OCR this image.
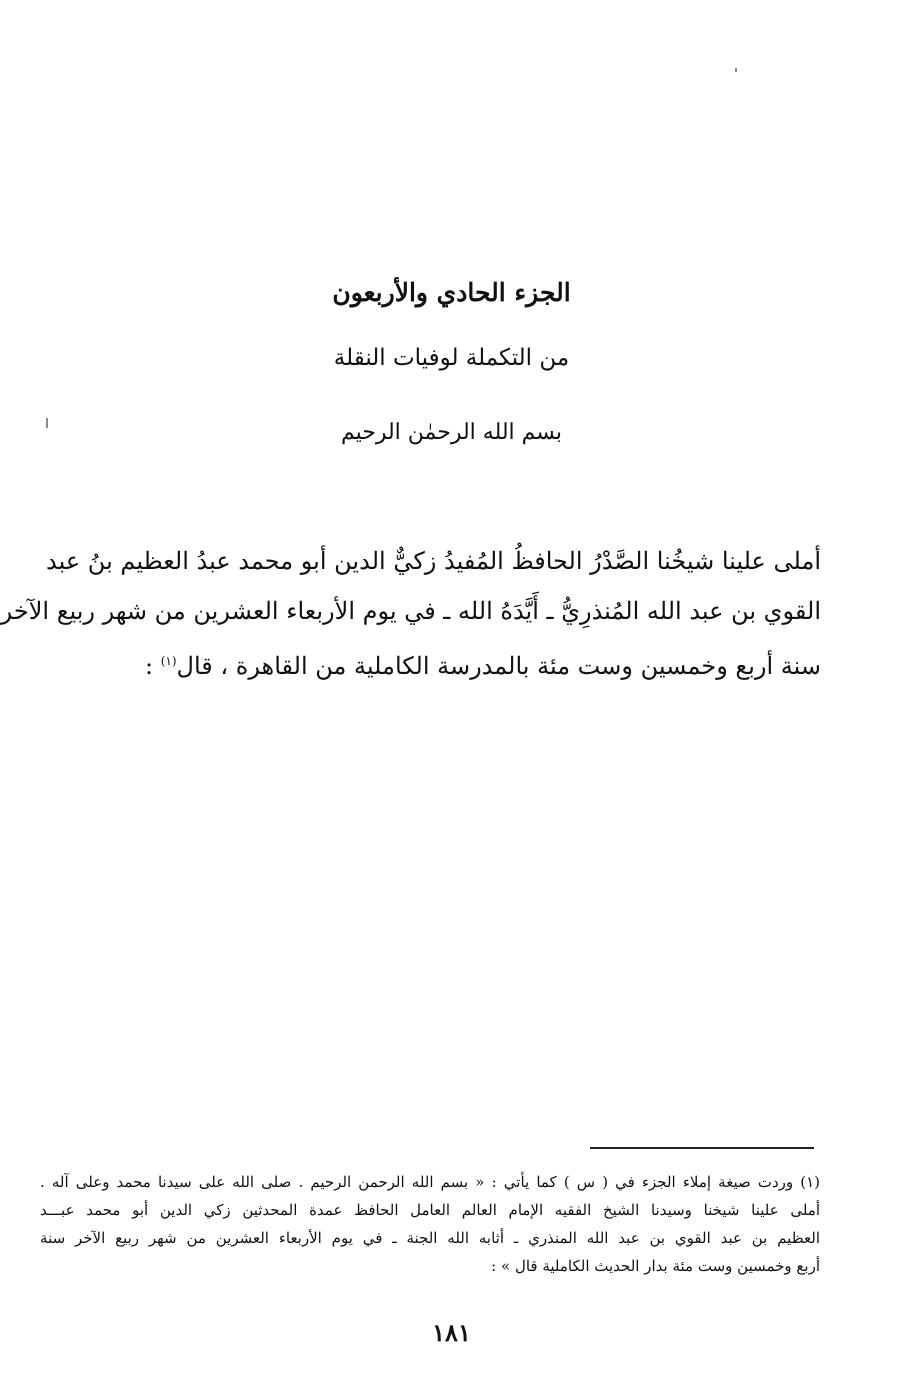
الجزء الحادي والأربعون
من التكملة لوفيات النقلة
بسم الله الرحمٰن الرحيم
أملى علينا شيخُنا الصَّدْرُ الحافظُ المُفيدُ زكيٌّ الدين أبو محمد عبدُ العظيم بنُ عبد
القوي بن عبد الله المُنذرِيُّ ـ أَيَّدَهُ الله ـ في يوم الأربعاء العشرين من شهر ربيع الآخر
سنة أربع وخمسين وست مئة بالمدرسة الكاملية من القاهرة ، قال$^{(١)}$ :
(١) وردت صيغة إملاء الجزء في ( س ) كما يأتي : « بسم الله الرحمن الرحيم . صلى الله على سيدنا محمد وعلى آله .
أملى علينا شيخنا وسيدنا الشيخ الفقيه الإمام العالم العامل الحافظ عمدة المحدثين زكي الدين أبو محمد عبـــد
العظيم بن عبد القوي بن عبد الله المنذري ـ أثابه الله الجنة ـ في يوم الأربعاء العشرين من شهر ربيع الآخر سنة
أربع وخمسين وست مئة بدار الحديث الكاملية قال » :
١٨١
